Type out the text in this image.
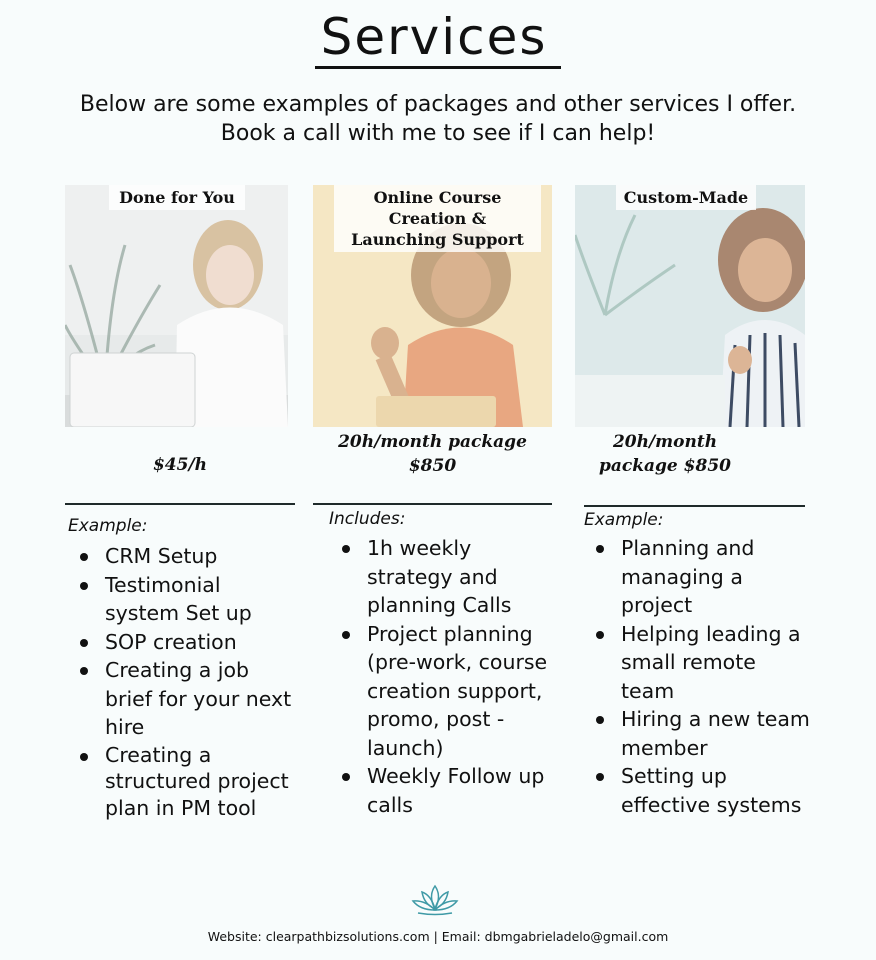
Services
Below are some examples of packages and other services I offer. Book a call with me to see if I can help!
Done for You
$45/h
Example:
CRM Setup
Testimonial system Set up
SOP creation
Creating a job brief for your next hire
Creating a structured project plan in PM tool
Online Course Creation & Launching Support
20h/month package $850
Includes:
1h weekly strategy and planning Calls
Project planning (pre-work, course creation support, promo, post -launch)
Weekly Follow up calls
Custom-Made
20h/month package $850
Example:
Planning and managing a project
Helping leading a small remote team
Hiring a new team member
Setting up effective systems
Website: clearpathbizsolutions.com | Email: dbmgabrieladelo@gmail.com
